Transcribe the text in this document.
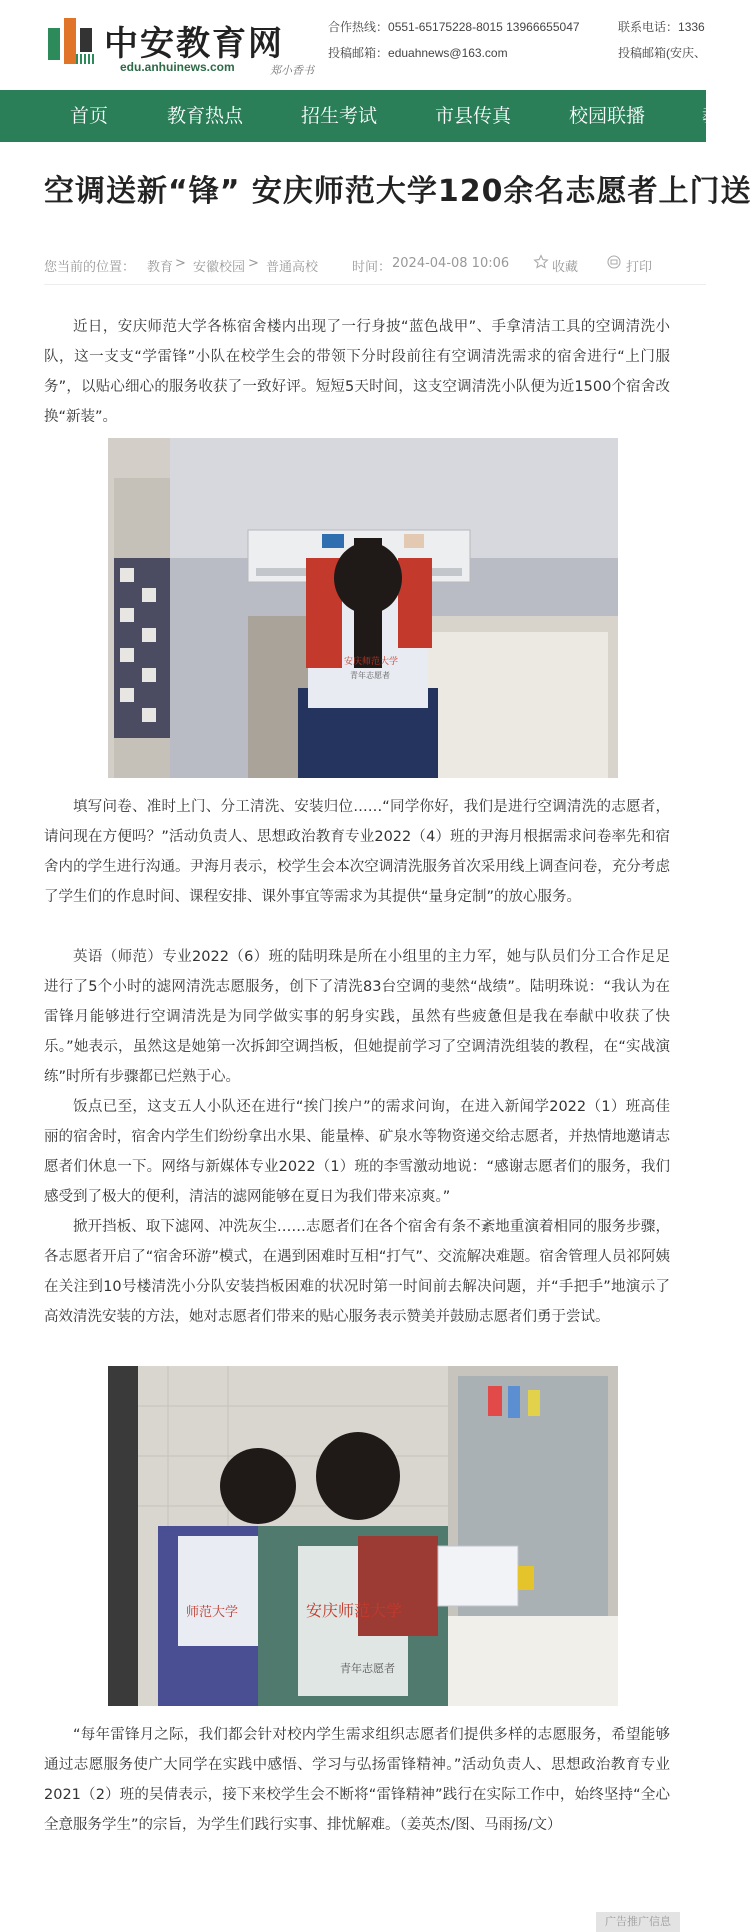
中安教育网
edu.anhuinews.com	郑小香书
合作热线：0551-65175228-8015 13966655047
投稿邮箱：eduahnews@163.com
联系电话：1336
投稿邮箱(安庆、
首页	教育热点	招生考试	市县传真	校园联播	教
空调送新“锋” 安庆师范大学120余名志愿者上门送
您当前的位置： 教育 > 安徽校园 > 普通高校	时间： 2024-04-08 10:06	收藏	打印

近日，安庆师范大学各栋宿舍楼内出现了一行身披“蓝色战甲”、手拿清洁工具的空调清洗小队，这一支支“学雷锋”小队在校学生会的带领下分时段前往有空调清洗需求的宿舍进行“上门服务”，以贴心细心的服务收获了一致好评。短短5天时间，这支空调清洗小队便为近1500个宿舍改换“新装”。

安庆师范大学
青年志愿者

填写问卷、准时上门、分工清洗、安装归位……“同学你好，我们是进行空调清洗的志愿者，请问现在方便吗？”活动负责人、思想政治教育专业2022（4）班的尹海月根据需求问卷率先和宿舍内的学生进行沟通。尹海月表示，校学生会本次空调清洗服务首次采用线上调查问卷，充分考虑了学生们的作息时间、课程安排、课外事宜等需求为其提供“量身定制”的放心服务。

英语（师范）专业2022（6）班的陆明珠是所在小组里的主力军，她与队员们分工合作足足进行了5个小时的滤网清洗志愿服务，创下了清洗83台空调的斐然“战绩”。陆明珠说：“我认为在雷锋月能够进行空调清洗是为同学做实事的躬身实践，虽然有些疲惫但是我在奉献中收获了快乐。”她表示，虽然这是她第一次拆卸空调挡板，但她提前学习了空调清洗组装的教程，在“实战演练”时所有步骤都已烂熟于心。

饭点已至，这支五人小队还在进行“挨门挨户”的需求问询，在进入新闻学2022（1）班高佳丽的宿舍时，宿舍内学生们纷纷拿出水果、能量棒、矿泉水等物资递交给志愿者，并热情地邀请志愿者们休息一下。网络与新媒体专业2022（1）班的李雪激动地说：“感谢志愿者们的服务，我们感受到了极大的便利，清洁的滤网能够在夏日为我们带来凉爽。”

掀开挡板、取下滤网、冲洗灰尘……志愿者们在各个宿舍有条不紊地重演着相同的服务步骤，各志愿者开启了“宿舍环游”模式，在遇到困难时互相“打气”、交流解决难题。宿舍管理人员祁阿姨在关注到10号楼清洗小分队安装挡板困难的状况时第一时间前去解决问题，并“手把手”地演示了高效清洗安装的方法，她对志愿者们带来的贴心服务表示赞美并鼓励志愿者们勇于尝试。

师范大学	安庆师范大学
青年志愿者

“每年雷锋月之际，我们都会针对校内学生需求组织志愿者们提供多样的志愿服务，希望能够通过志愿服务使广大同学在实践中感悟、学习与弘扬雷锋精神。”活动负责人、思想政治教育专业2021（2）班的吴倩表示，接下来校学生会不断将“雷锋精神”践行在实际工作中，始终坚持“全心全意服务学生”的宗旨，为学生们践行实事、排忧解难。（姜英杰/图、马雨扬/文）

广告推广信息
